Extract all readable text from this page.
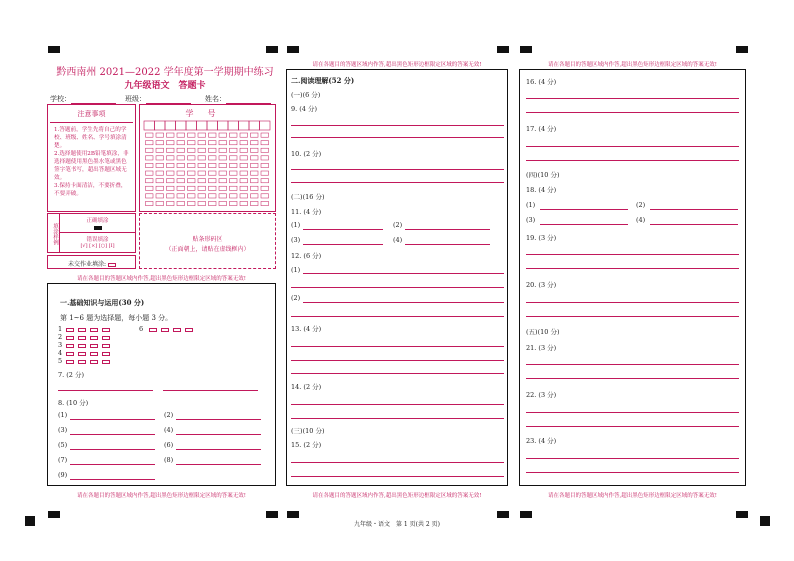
黔西南州 2021—2022 学年度第一学期期中练习
九年级语文　答题卡
学校：	班级：	姓名：
注意事项
1.答题前，学生先将自己的学校、班级、姓名、学号填涂清楚。
2.选择题使用2B铅笔填涂，非选择题使用黑色墨水笔或黑色签字笔书写，超出答题区域无效。
3.保持卡面清洁，不要折叠，不要弄破。
学号
填涂样例
正确填涂
错误填涂
[√] [×] [○] [Ⅰ]
未交作业填涂:
贴条形码区
（正面朝上，请贴在虚线框内）
一.基础知识与运用(30 分)
第 1~6 题为选择题，每小题 3 分。
1
2
3
4
5
6
7. (2 分)
8. (10 分)
(1)	(2)
(3)	(4)
(5)	(6)
(7)	(8)
(9)
请在各题目的答题区域内作答,超出黑色矩形边框限定区域的答案无效!
请在各题目的答题区域内作答,超出黑色矩形边框限定区域的答案无效!
请在各题目的答题区域内作答,超出黑色矩形边框限定区域的答案无效!
二.阅读理解(52 分)
(一)(6 分)
9. (4 分)
10. (2 分)
(二)(16 分)
11. (4 分)
(1)	(2)
(3)	(4)
12. (6 分)
(1)
(2)
13. (4 分)
14. (2 分)
(三)(10 分)
15. (2 分)
请在各题目的答题区域内作答,超出黑色矩形边框限定区域的答案无效!
请在各题目的答题区域内作答,超出黑色矩形边框限定区域的答案无效!
16. (4 分)
17. (4 分)
(四)(10 分)
18. (4 分)
(1)	(2)
(3)	(4)
19. (3 分)
20. (3 分)
(五)(10 分)
21. (3 分)
22. (3 分)
23. (4 分)
请在各题目的答题区域内作答,超出黑色矩形边框限定区域的答案无效!
九年级・语文　第 1 页(共 2 页)
